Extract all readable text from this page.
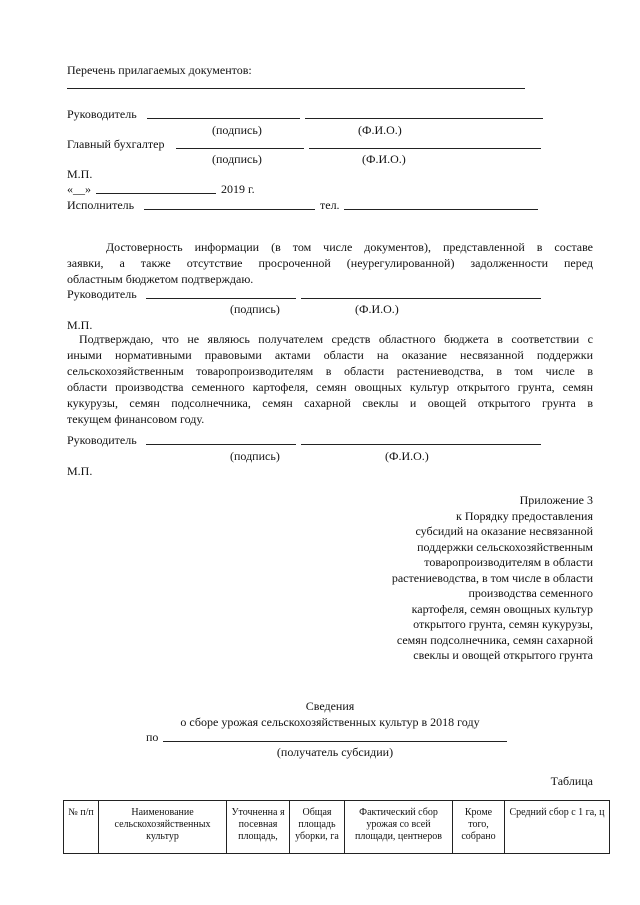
Перечень прилагаемых документов:
Руководитель
(подпись)	(Ф.И.О.)
Главный бухгалтер
(подпись)	(Ф.И.О.)
М.П.
«__»	2019 г.
Исполнитель	тел.
Достоверность информации (в том числе документов), представленной в составе
заявки, а также отсутствие просроченной (неурегулированной) задолженности перед
областным бюджетом подтверждаю.
Руководитель
(подпись)	(Ф.И.О.)
М.П.
Подтверждаю, что не являюсь получателем средств областного бюджета в соответствии с
иными нормативными правовыми актами области на оказание несвязанной поддержки
сельскохозяйственным товаропроизводителям в области растениеводства, в том числе в
области производства семенного картофеля, семян овощных культур открытого грунта, семян
кукурузы, семян подсолнечника, семян сахарной свеклы и овощей открытого грунта в
текущем финансовом году.
Руководитель
(подпись)	(Ф.И.О.)
М.П.
Приложение 3
к Порядку предоставления
субсидий на оказание несвязанной
поддержки сельскохозяйственным
товаропроизводителям в области
растениеводства, в том числе в области
производства семенного
картофеля, семян овощных культур
открытого грунта, семян кукурузы,
семян подсолнечника, семян сахарной
свеклы и овощей открытого грунта
Сведения
о сборе урожая сельскохозяйственных культур в 2018 году
по
(получатель субсидии)
Таблица
№ п/п	Наименование сельскохозяйственных культур	Уточненна я посевная площадь,	Общая площадь уборки, га	Фактический сбор урожая со всей площади, центнеров	Кроме того, собрано	Средний сбор с 1 га, ц
